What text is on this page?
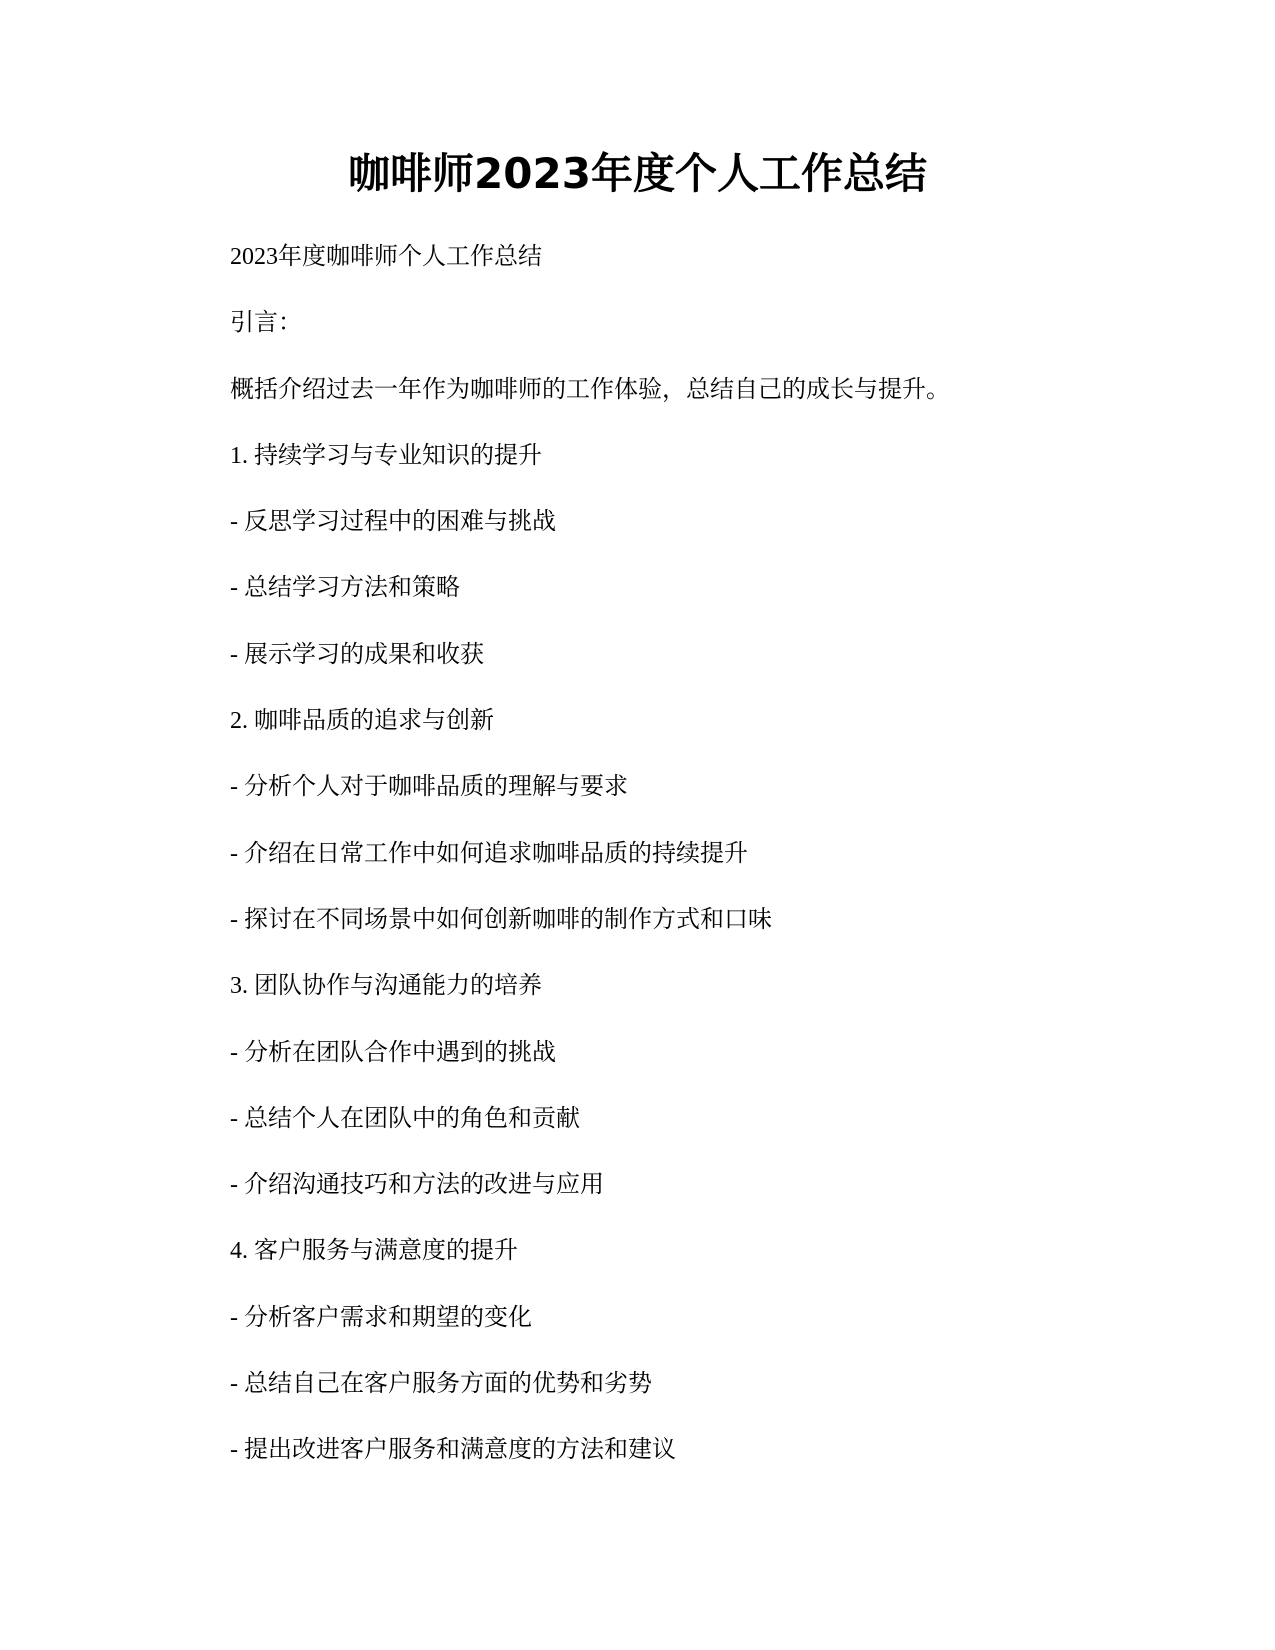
咖啡师2023年度个人工作总结
2023年度咖啡师个人工作总结
引言：
概括介绍过去一年作为咖啡师的工作体验，总结自己的成长与提升。
1. 持续学习与专业知识的提升
- 反思学习过程中的困难与挑战
- 总结学习方法和策略
- 展示学习的成果和收获
2. 咖啡品质的追求与创新
- 分析个人对于咖啡品质的理解与要求
- 介绍在日常工作中如何追求咖啡品质的持续提升
- 探讨在不同场景中如何创新咖啡的制作方式和口味
3. 团队协作与沟通能力的培养
- 分析在团队合作中遇到的挑战
- 总结个人在团队中的角色和贡献
- 介绍沟通技巧和方法的改进与应用
4. 客户服务与满意度的提升
- 分析客户需求和期望的变化
- 总结自己在客户服务方面的优势和劣势
- 提出改进客户服务和满意度的方法和建议
